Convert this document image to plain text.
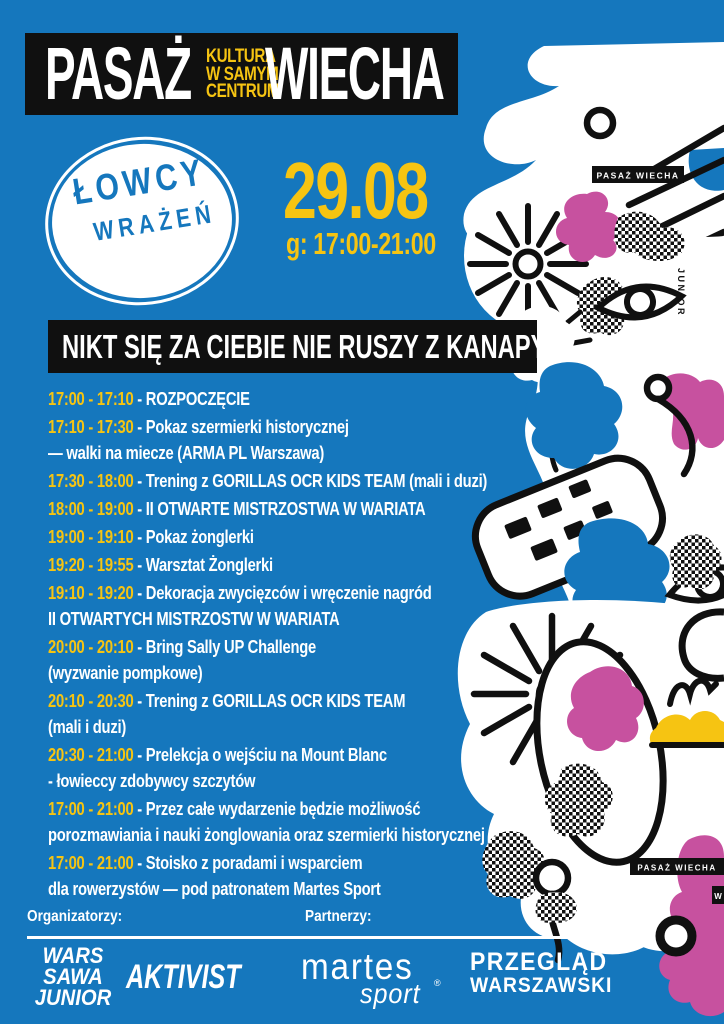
PASAŻ WIECHA
JUNIOR
PASAŻ WIECHA
W
PASAŻ KULTURA
W SAMYM
CENTRUM
WIECHA
ŁOWCY
WRAŻEŃ 29.08
g: 17:00-21:00
NIKT SIĘ ZA CIEBIE NIE RUSZY Z KANAPY

17:00 - 17:10 - ROZPOCZĘCIE

17:10 - 17:30 - Pokaz szermierki historycznej
— walki na miecze (ARMA PL Warszawa)

17:30 - 18:00 - Trening z GORILLAS OCR KIDS TEAM (mali i duzi)

18:00 - 19:00 - II OTWARTE MISTRZOSTWA W WARIATA

19:00 - 19:10 - Pokaz żonglerki

19:20 - 19:55 - Warsztat Żonglerki

19:10 - 19:20 - Dekoracja zwycięzców i wręczenie nagród
II OTWARTYCH MISTRZOSTW W WARIATA

20:00 - 20:10 - Bring Sally UP Challenge
(wyzwanie pompkowe)

20:10 - 20:30 - Trening z GORILLAS OCR KIDS TEAM
(mali i duzi)

20:30 - 21:00 - Prelekcja o wejściu na Mount Blanc
- łowieccy zdobywcy szczytów

17:00 - 21:00 - Przez całe wydarzenie będzie możliwość
porozmawiania i nauki żonglowania oraz szermierki historycznej

17:00 - 21:00 - Stoisko z poradami i wsparciem
dla rowerzystów — pod patronatem Martes Sport

Organizatorzy:	Partnerzy:
WARS
SAWA
JUNIOR
AKTIVIST martes
sport ®
PRZEGLĄD
WARSZAWSKI
